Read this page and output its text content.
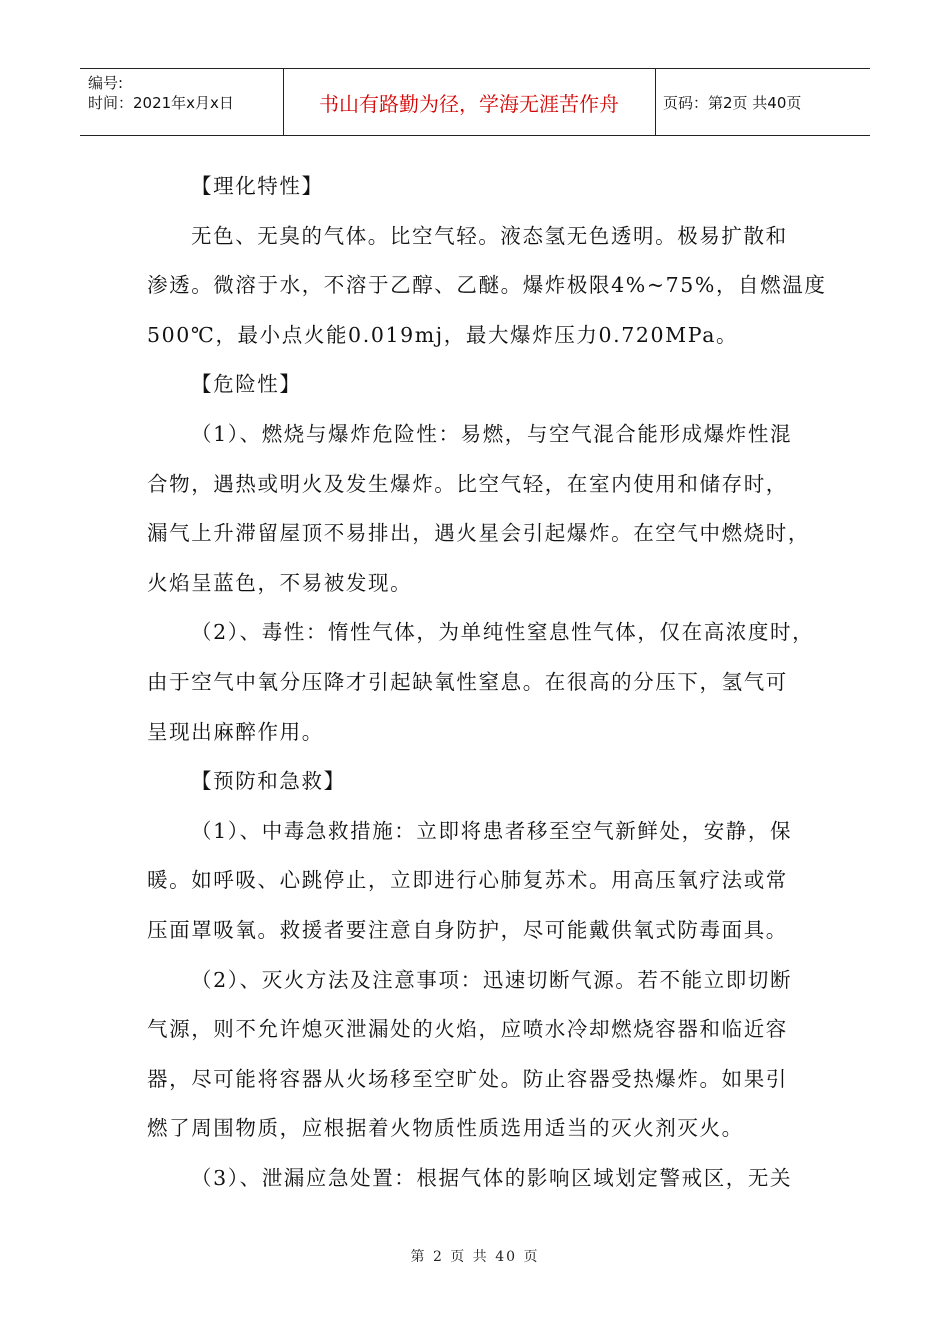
编号:
时间：2021年x月x日	书山有路勤为径，学海无涯苦作舟	页码：第2页 共40页
【理化特性】
无色、无臭的气体。比空气轻。液态氢无色透明。极易扩散和
渗透。微溶于水，不溶于乙醇、乙醚。爆炸极限4%~75%，自燃温度
500℃，最小点火能0.019mj，最大爆炸压力0.720MPa。
【危险性】
（1）、燃烧与爆炸危险性：易燃，与空气混合能形成爆炸性混
合物，遇热或明火及发生爆炸。比空气轻，在室内使用和储存时，
漏气上升滞留屋顶不易排出，遇火星会引起爆炸。在空气中燃烧时，
火焰呈蓝色，不易被发现。
（2）、毒性：惰性气体，为单纯性窒息性气体，仅在高浓度时，
由于空气中氧分压降才引起缺氧性窒息。在很高的分压下，氢气可
呈现出麻醉作用。
【预防和急救】
（1）、中毒急救措施：立即将患者移至空气新鲜处，安静，保
暖。如呼吸、心跳停止，立即进行心肺复苏术。用高压氧疗法或常
压面罩吸氧。救援者要注意自身防护，尽可能戴供氧式防毒面具。
（2）、灭火方法及注意事项：迅速切断气源。若不能立即切断
气源，则不允许熄灭泄漏处的火焰，应喷水冷却燃烧容器和临近容
器，尽可能将容器从火场移至空旷处。防止容器受热爆炸。如果引
燃了周围物质，应根据着火物质性质选用适当的灭火剂灭火。
（3）、泄漏应急处置：根据气体的影响区域划定警戒区，无关
第 2 页 共 40 页
